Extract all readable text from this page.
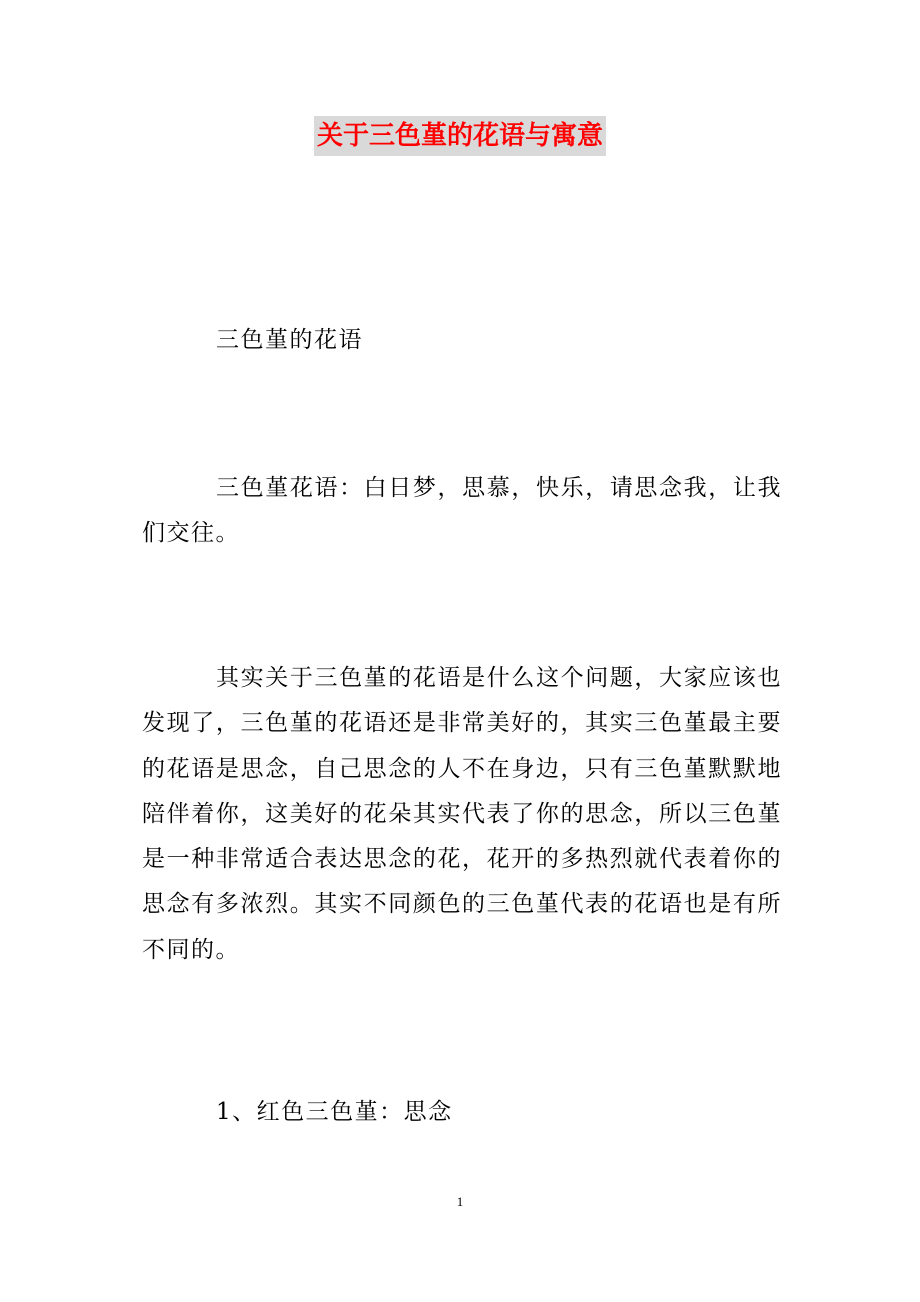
关于三色堇的花语与寓意

三色堇的花语

三色堇花语：白日梦，思慕，快乐，请思念我，让我们交往。

其实关于三色堇的花语是什么这个问题，大家应该也发现了，三色堇的花语还是非常美好的，其实三色堇最主要的花语是思念，自己思念的人不在身边，只有三色堇默默地陪伴着你，这美好的花朵其实代表了你的思念，所以三色堇是一种非常适合表达思念的花，花开的多热烈就代表着你的思念有多浓烈。其实不同颜色的三色堇代表的花语也是有所不同的。

1、红色三色堇：思念

1
